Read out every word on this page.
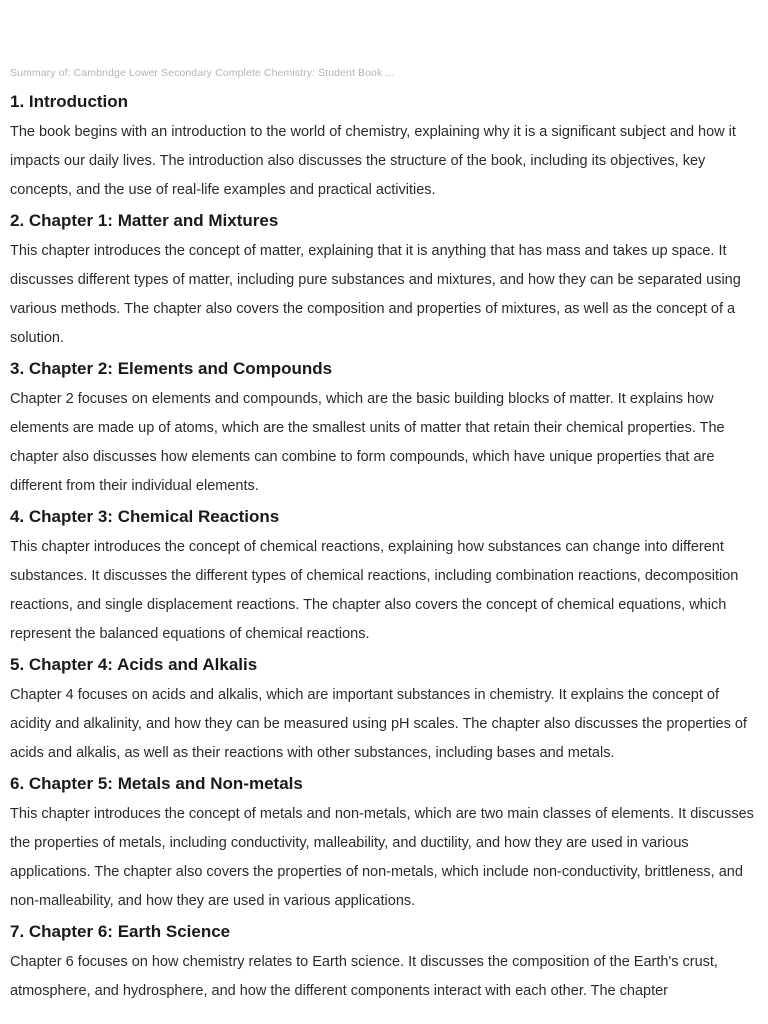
Summary of: Cambridge Lower Secondary Complete Chemistry: Student Book ...
1. Introduction
The book begins with an introduction to the world of chemistry, explaining why it is a significant subject and how it impacts our daily lives. The introduction also discusses the structure of the book, including its objectives, key concepts, and the use of real-life examples and practical activities.
2. Chapter 1: Matter and Mixtures
This chapter introduces the concept of matter, explaining that it is anything that has mass and takes up space. It discusses different types of matter, including pure substances and mixtures, and how they can be separated using various methods. The chapter also covers the composition and properties of mixtures, as well as the concept of a solution.
3. Chapter 2: Elements and Compounds
Chapter 2 focuses on elements and compounds, which are the basic building blocks of matter. It explains how elements are made up of atoms, which are the smallest units of matter that retain their chemical properties. The chapter also discusses how elements can combine to form compounds, which have unique properties that are different from their individual elements.
4. Chapter 3: Chemical Reactions
This chapter introduces the concept of chemical reactions, explaining how substances can change into different substances. It discusses the different types of chemical reactions, including combination reactions, decomposition reactions, and single displacement reactions. The chapter also covers the concept of chemical equations, which represent the balanced equations of chemical reactions.
5. Chapter 4: Acids and Alkalis
Chapter 4 focuses on acids and alkalis, which are important substances in chemistry. It explains the concept of acidity and alkalinity, and how they can be measured using pH scales. The chapter also discusses the properties of acids and alkalis, as well as their reactions with other substances, including bases and metals.
6. Chapter 5: Metals and Non-metals
This chapter introduces the concept of metals and non-metals, which are two main classes of elements. It discusses the properties of metals, including conductivity, malleability, and ductility, and how they are used in various applications. The chapter also covers the properties of non-metals, which include non-conductivity, brittleness, and non-malleability, and how they are used in various applications.
7. Chapter 6: Earth Science
Chapter 6 focuses on how chemistry relates to Earth science. It discusses the composition of the Earth's crust, atmosphere, and hydrosphere, and how the different components interact with each other. The chapter
